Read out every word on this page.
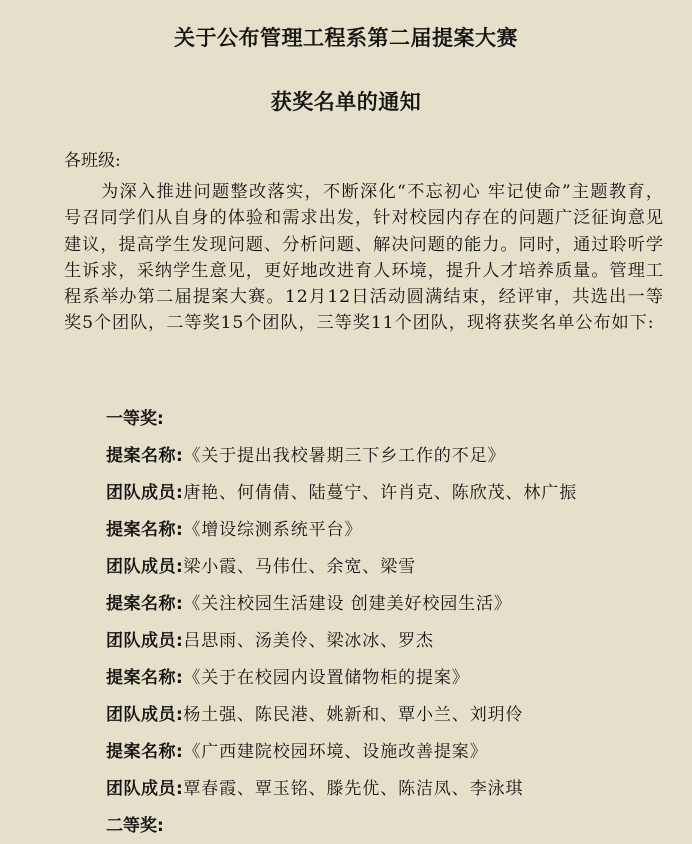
关于公布管理工程系第二届提案大赛
获奖名单的通知
各班级:
为深入推进问题整改落实，不断深化“不忘初心 牢记使命”主题教育，号召同学们从自身的体验和需求出发，针对校园内存在的问题广泛征询意见建议，提高学生发现问题、分析问题、解决问题的能力。同时，通过聆听学生诉求，采纳学生意见，更好地改进育人环境，提升人才培养质量。管理工程系举办第二届提案大赛。12月12日活动圆满结束，经评审，共选出一等奖5个团队，二等奖15个团队，三等奖11个团队，现将获奖名单公布如下:
一等奖:
提案名称:《关于提出我校暑期三下乡工作的不足》
团队成员:唐艳、何倩倩、陆蔓宁、许肖克、陈欣茂、林广振
提案名称:《增设综测系统平台》
团队成员:梁小霞、马伟仕、余宽、梁雪
提案名称:《关注校园生活建设 创建美好校园生活》
团队成员:吕思雨、汤美伶、梁冰冰、罗杰
提案名称:《关于在校园内设置储物柜的提案》
团队成员:杨土强、陈民港、姚新和、覃小兰、刘玥伶
提案名称:《广西建院校园环境、设施改善提案》
团队成员:覃春霞、覃玉铭、滕先优、陈洁凤、李泳琪
二等奖:
